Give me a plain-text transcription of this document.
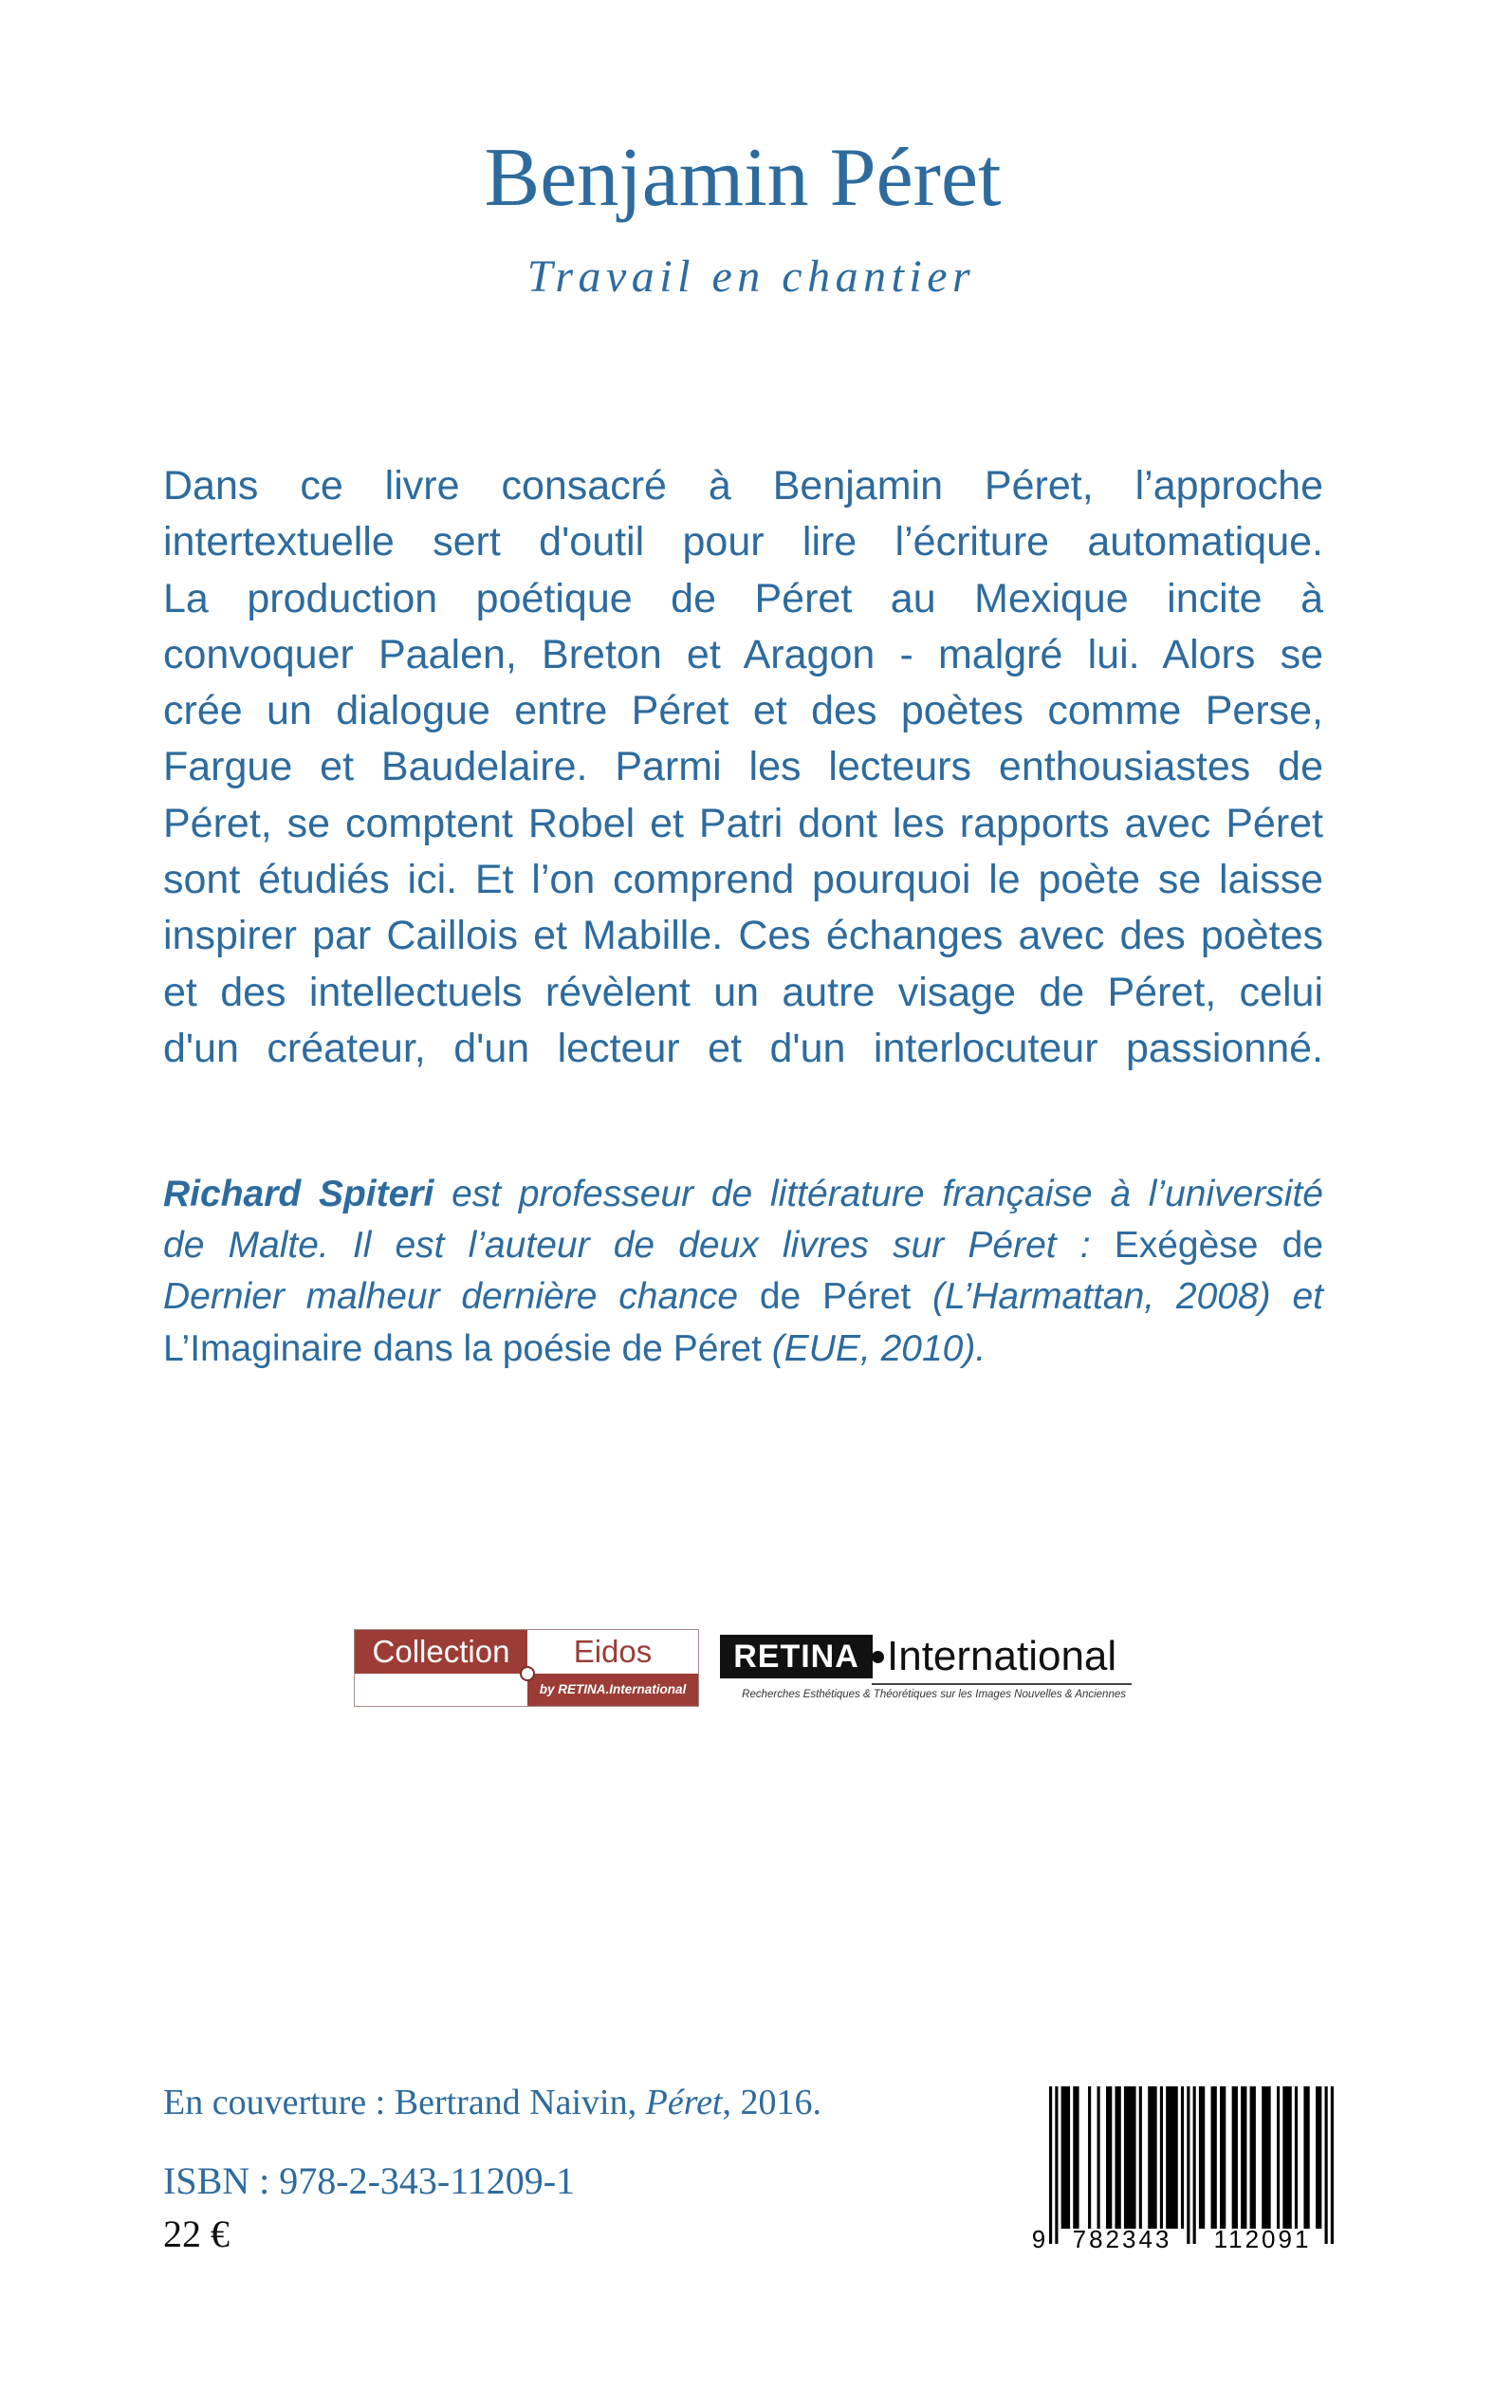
Benjamin Péret
Travail en chantier
Dans ce livre consacré à Benjamin Péret, l’approche
intertextuelle sert d'outil pour lire l’écriture automatique.
La production poétique de Péret au Mexique incite à
convoquer Paalen, Breton et Aragon - malgré lui. Alors se
crée un dialogue entre Péret et des poètes comme Perse,
Fargue et Baudelaire. Parmi les lecteurs enthousiastes de
Péret, se comptent Robel et Patri dont les rapports avec Péret
sont étudiés ici. Et l’on comprend pourquoi le poète se laisse
inspirer par Caillois et Mabille. Ces échanges avec des poètes
et des intellectuels révèlent un autre visage de Péret, celui
d'un créateur, d'un lecteur et d'un interlocuteur passionné.
Richard Spiteri est professeur de littérature française à l’université
de Malte. Il est l’auteur de deux livres sur Péret : Exégèse de
Dernier malheur dernière chance de Péret (L’Harmattan, 2008) et
L’Imaginaire dans la poésie de Péret (EUE, 2010).
Collection	Eidos
by RETINA.International
RETINA International
Recherches Esthétiques & Théorétiques sur les Images Nouvelles & Anciennes
En couverture : Bertrand Naivin, Péret, 2016.
ISBN : 978-2-343-11209-1
22 €	9 782343 112091
